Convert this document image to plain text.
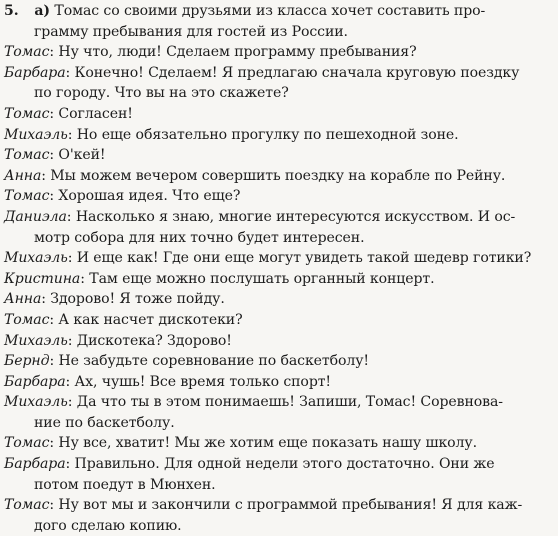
5. а) Томас со своими друзьями из класса хочет составить про-
грамму пребывания для гостей из России.
Томас: Ну что, люди! Сделаем программу пребывания?
Барбара: Конечно! Сделаем! Я предлагаю сначала круговую поездку
по городу. Что вы на это скажете?
Томас: Согласен!
Михаэль: Но еще обязательно прогулку по пешеходной зоне.
Томас: О'кей!
Анна: Мы можем вечером совершить поездку на корабле по Рейну.
Томас: Хорошая идея. Что еще?
Даниэла: Насколько я знаю, многие интересуются искусством. И ос-
мотр собора для них точно будет интересен.
Михаэль: И еще как! Где они еще могут увидеть такой шедевр готики?
Кристина: Там еще можно послушать органный концерт.
Анна: Здорово! Я тоже пойду.
Томас: А как насчет дискотеки?
Михаэль: Дискотека? Здорово!
Бернд: Не забудьте соревнование по баскетболу!
Барбара: Ах, чушь! Все время только спорт!
Михаэль: Да что ты в этом понимаешь! Запиши, Томас! Соревнова-
ние по баскетболу.
Томас: Ну все, хватит! Мы же хотим еще показать нашу школу.
Барбара: Правильно. Для одной недели этого достаточно. Они же
потом поедут в Мюнхен.
Томас: Ну вот мы и закончили с программой пребывания! Я для каж-
дого сделаю копию.
